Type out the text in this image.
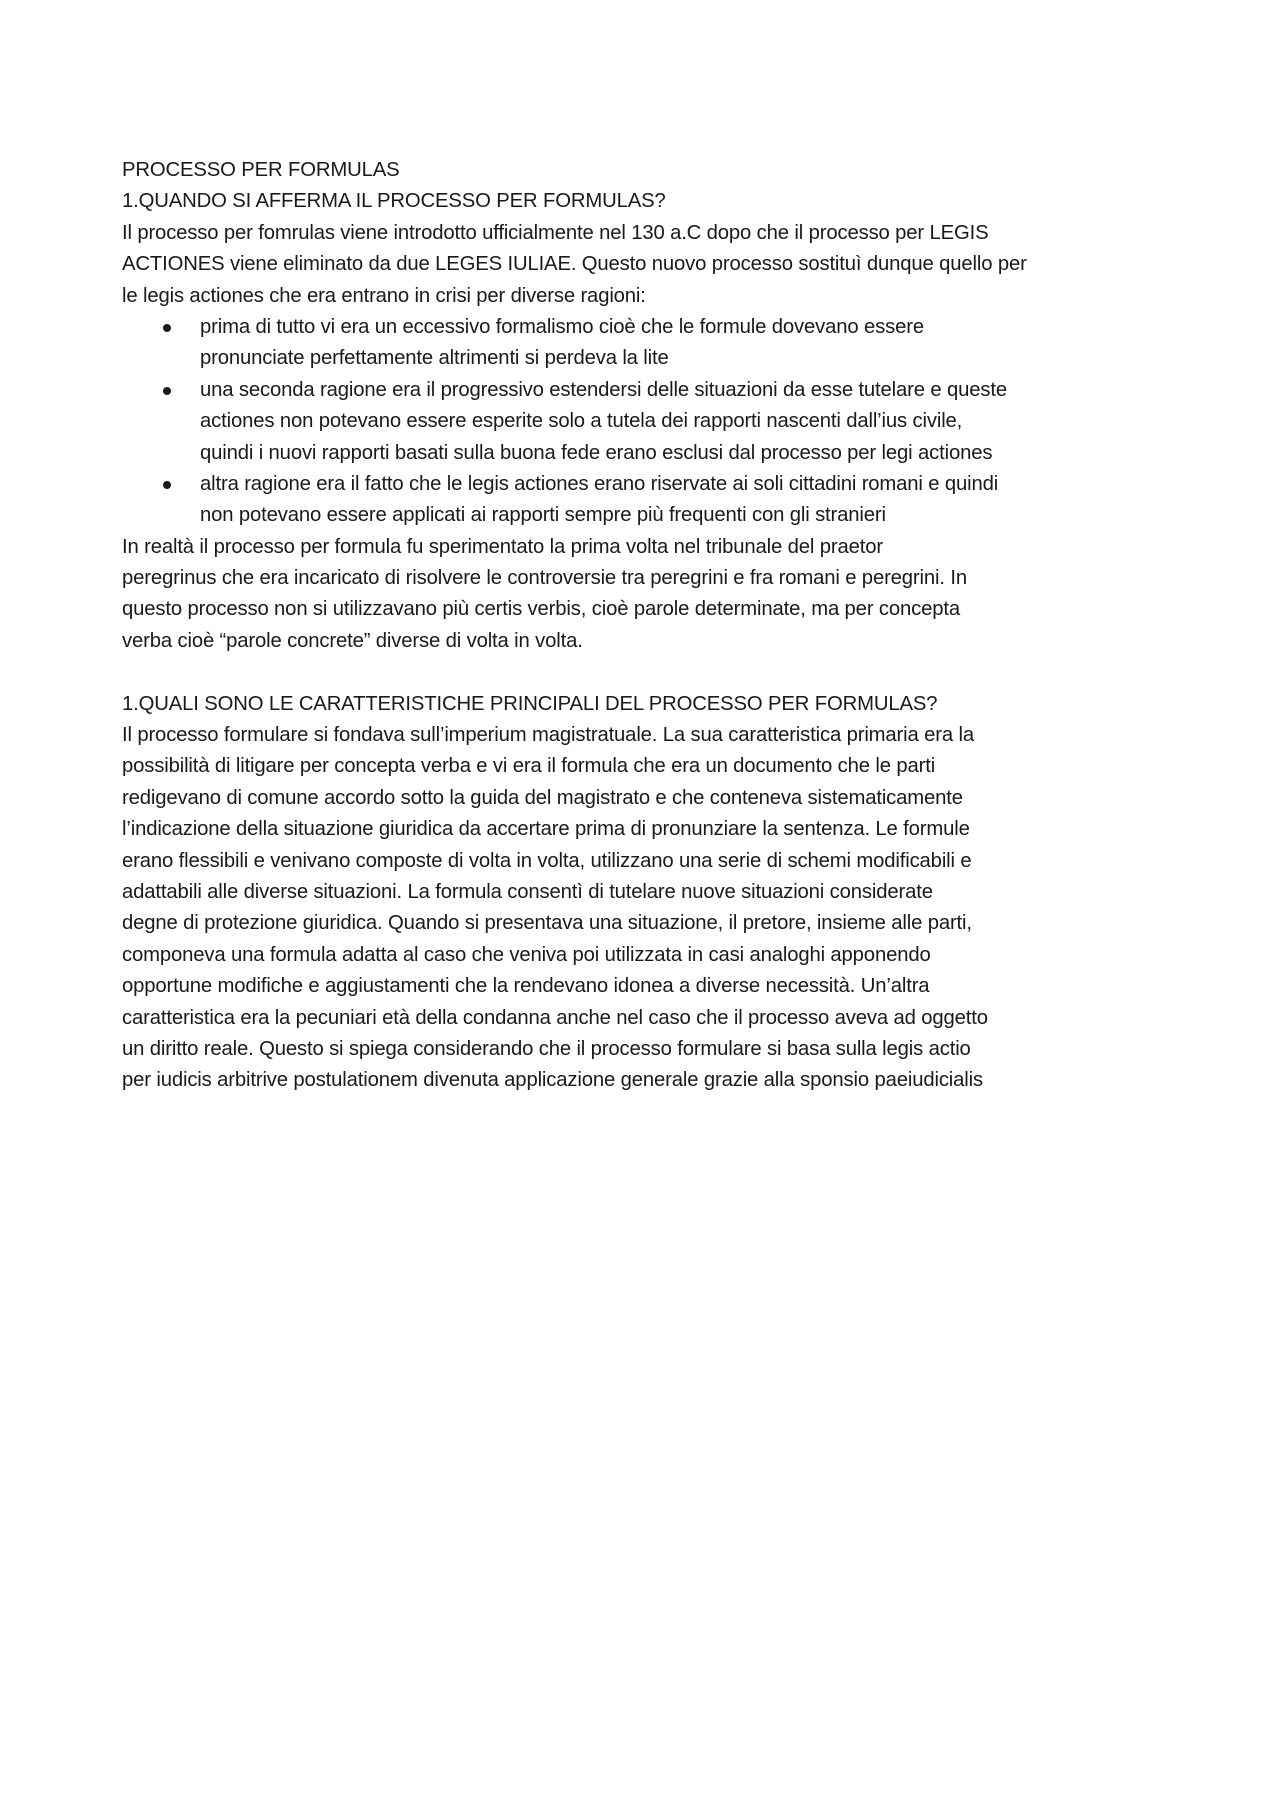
PROCESSO PER FORMULAS
1.QUANDO SI AFFERMA IL PROCESSO PER FORMULAS?
Il processo per fomrulas viene introdotto ufficialmente nel 130 a.C dopo che il processo per LEGIS
ACTIONES viene eliminato da due LEGES IULIAE. Questo nuovo processo sostituì dunque quello per
le legis actiones che era entrano in crisi per diverse ragioni:
prima di tutto vi era un eccessivo formalismo cioè che le formule dovevano essere
pronunciate perfettamente altrimenti si perdeva la lite
una seconda ragione era il progressivo estendersi delle situazioni da esse tutelare e queste
actiones non potevano essere esperite solo a tutela dei rapporti nascenti dall’ius civile,
quindi i nuovi rapporti basati sulla buona fede erano esclusi dal processo per legi actiones
altra ragione era il fatto che le legis actiones erano riservate ai soli cittadini romani e quindi
non potevano essere applicati ai rapporti sempre più frequenti con gli stranieri
In realtà il processo per formula fu sperimentato la prima volta nel tribunale del praetor
peregrinus che era incaricato di risolvere le controversie tra peregrini e fra romani e peregrini. In
questo processo non si utilizzavano più certis verbis, cioè parole determinate, ma per concepta
verba cioè “parole concrete” diverse di volta in volta.
1.QUALI SONO LE CARATTERISTICHE PRINCIPALI DEL PROCESSO PER FORMULAS?
Il processo formulare si fondava sull’imperium magistratuale. La sua caratteristica primaria era la
possibilità di litigare per concepta verba e vi era il formula che era un documento che le parti
redigevano di comune accordo sotto la guida del magistrato e che conteneva sistematicamente
l’indicazione della situazione giuridica da accertare prima di pronunziare la sentenza. Le formule
erano flessibili e venivano composte di volta in volta, utilizzano una serie di schemi modificabili e
adattabili alle diverse situazioni. La formula consentì di tutelare nuove situazioni considerate
degne di protezione giuridica. Quando si presentava una situazione, il pretore, insieme alle parti,
componeva una formula adatta al caso che veniva poi utilizzata in casi analoghi apponendo
opportune modifiche e aggiustamenti che la rendevano idonea a diverse necessità. Un’altra
caratteristica era la pecuniari età della condanna anche nel caso che il processo aveva ad oggetto
un diritto reale. Questo si spiega considerando che il processo formulare si basa sulla legis actio
per iudicis arbitrive postulationem divenuta applicazione generale grazie alla sponsio paeiudicialis
